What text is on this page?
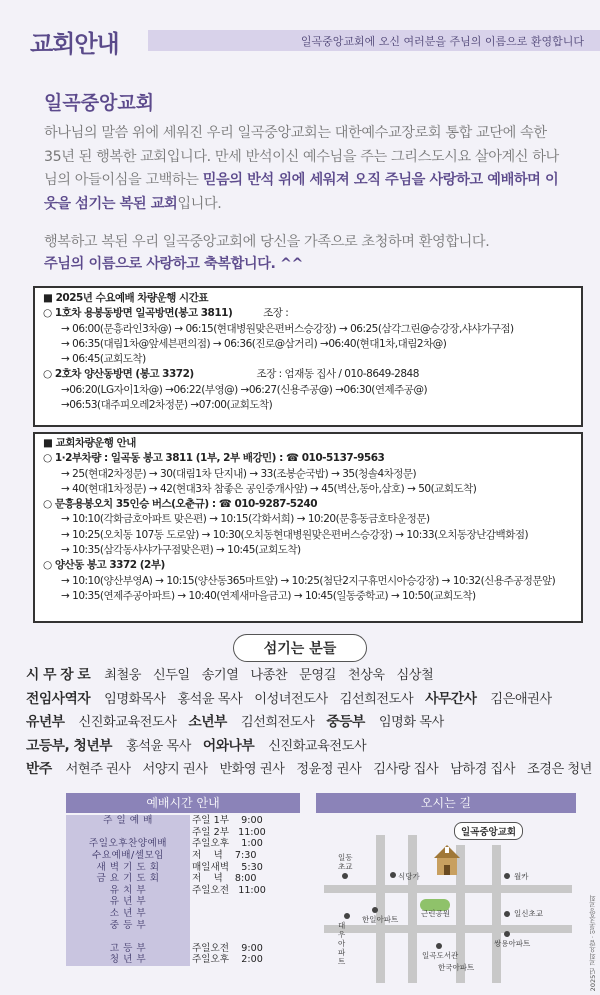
교회안내	일곡중앙교회에 오신 여러분을 주님의 이름으로 환영합니다
일곡중앙교회
하나님의 말씀 위에 세워진 우리 일곡중앙교회는 대한예수교장로회 통합 교단에 속한 35년 된 행복한 교회입니다. 만세 반석이신 예수님을 주는 그리스도시요 살아계신 하나님의 아들이심을 고백하는 믿음의 반석 위에 세워져 오직 주님을 사랑하고 예배하며 이웃을 섬기는 복된 교회입니다.
행복하고 복된 우리 일곡중앙교회에 당신을 가족으로 초청하며 환영합니다.
주님의 이름으로 사랑하고 축복합니다. ^^
■ 2025년 수요예배 차량운행 시간표
○ 1호차 용봉동방면 일곡방면(봉고 3811)	조장 :
→ 06:00(문흥라인3차@) → 06:15(현대병원맞은편버스승강장) → 06:25(삼각그린@승강장,샤샤가구점)
→ 06:35(대림1차@앞세븐편의점) → 06:36(진로@삼거리) →06:40(현대1차,대림2차@)
→ 06:45(교회도착)
○ 2호차 양산동방면 (봉고 3372)	조장 : 엄재동 집사 / 010-8649-2848
→06:20(LG자이1차@) →06:22(부영@) →06:27(신용주공@) →06:30(연제주공@)
→06:53(대주피오레2차정문) →07:00(교회도착)
■ 교회차량운행 안내
○ 1·2부차량 : 일곡동 봉고 3811 (1부, 2부 배강민) : ☎ 010-5137-9563
→ 25(현대2차정문) → 30(대림1차 단지내) → 33(조봉순국밥) → 35(청솔4차정문)
→ 40(현대1차정문) → 42(현대3차 참좋은 공인중개사앞) → 45(벽산,동아,삼호) → 50(교회도착)
○ 문흥용봉오치 35인승 버스(오춘규) : ☎ 010-9287-5240
→ 10:10(각화금호아파트 맞은편) → 10:15(각화서희) → 10:20(문흥동금호타운정문)
→ 10:25(오치동 107동 도로앞) → 10:30(오치동현대병원맞은편버스승강장) → 10:33(오치동장난감백화점)
→ 10:35(삼각동샤샤가구점맞은편) → 10:45(교회도착)
○ 양산동 봉고 3372 (2부)
→ 10:10(양산부영A) → 10:15(양산동365마트앞) → 10:25(첨단2지구휴먼시아승강장) → 10:32(신용주공정문앞)
→ 10:35(연제주공아파트) → 10:40(연제새마을금고) → 10:45(일동중학교) → 10:50(교회도착)
섬기는 분들
시 무 장 로 최철웅 신두일 송기열 나종찬 문영길 천상욱 심상철
전임사역자 임명화목사 홍석윤 목사 이성녀전도사 김선희전도사 사무간사 김은애권사
유년부 신진화교육전도사 소년부 김선희전도사 중등부 임명화 목사
고등부, 청년부 홍석윤 목사 어와나부 신진화교육전도사
반주 서현주 권사 서양지 권사 반화영 권사 정윤정 권사 김사랑 집사 남하경 집사 조경은 청년
예배시간 안내
주 일 예 배	주일 1부    9:00
	주일 2부   11:00
주일오후찬양예배	주일오후    1:00
수요예배/셀모임	저    녁    7:30
새 벽 기 도 회	매일새벽    5:30
금 요 기 도 회	저    녁    8:00
유 치 부	주일오전   11:00
유 년 부	
소 년 부	
중 등 부	

고 등 부	주일오전    9:00
청 년 부	주일오후    2:00
오시는 길
일곡중앙교회
일동초교
식당가	월카
대우아파트
한일아파트
근린공원	일신초교
일곡도서관
한국아파트
쌍용아파트	2025년 교회요람 · 일곡중앙교회
